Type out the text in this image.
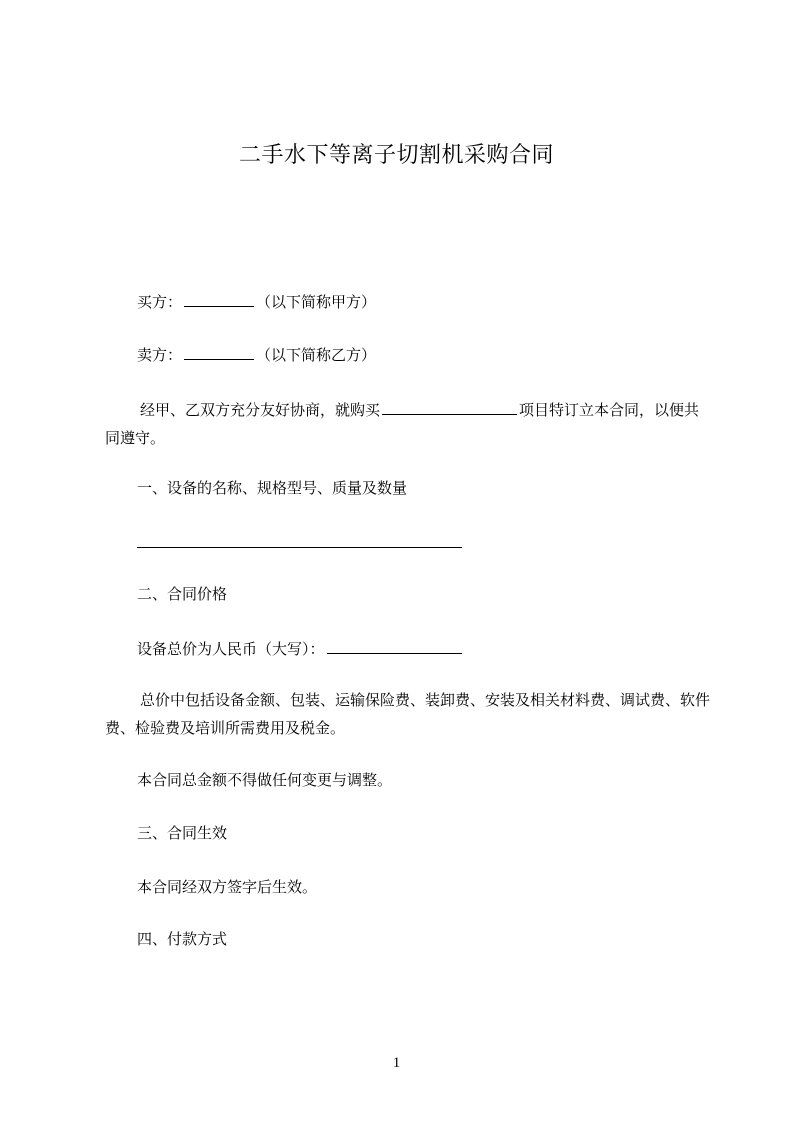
二手水下等离子切割机采购合同
买方：	（以下简称甲方）
卖方：	（以下简称乙方）
经甲、乙双方充分友好协商，就购买	项目特订立本合同，以便共同遵守。
一、设备的名称、规格型号、质量及数量
二、合同价格
设备总价为人民币（大写）：
总价中包括设备金额、包装、运输保险费、装卸费、安装及相关材料费、调试费、软件费、检验费及培训所需费用及税金。
本合同总金额不得做任何变更与调整。
三、合同生效
本合同经双方签字后生效。
四、付款方式
1
